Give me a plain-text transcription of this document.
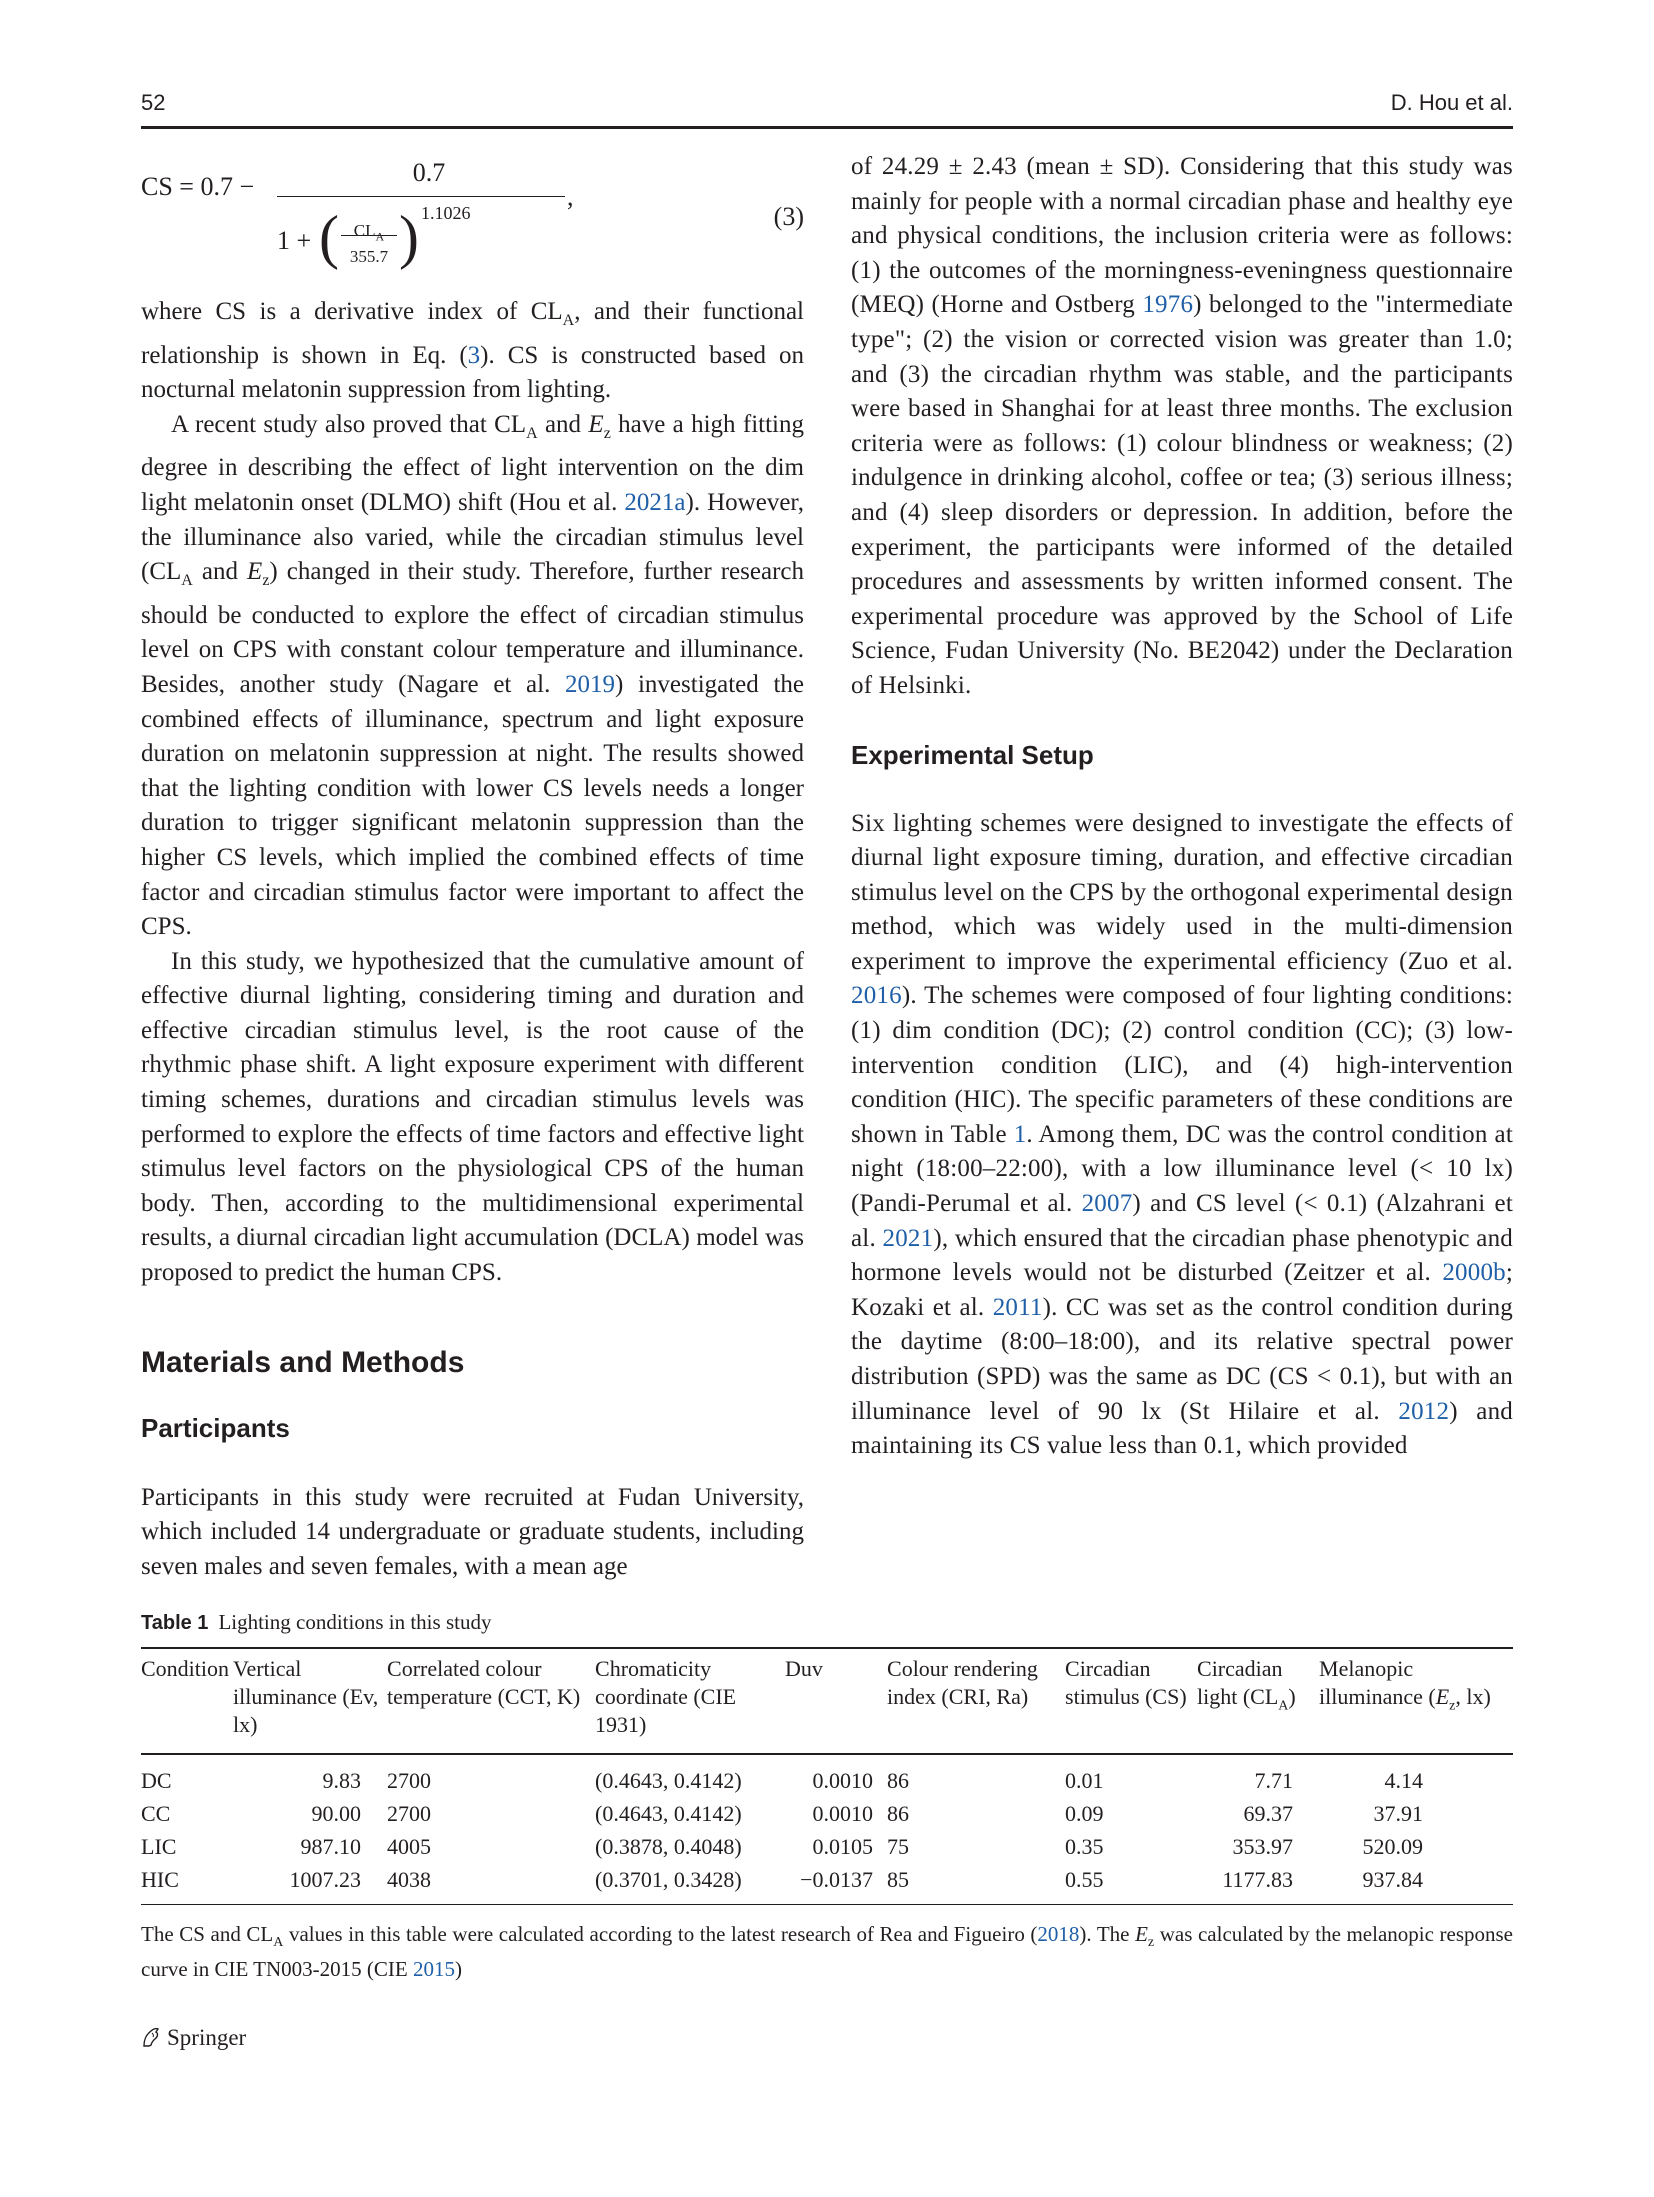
52	D. Hou et al.
CS = 0.7 −	0.7
1 + ( $CL_A$
355.7 ) 1.1026
,
(3)

where CS is a derivative index of $CL_A$, and their functional relationship is shown in Eq. (3). CS is constructed based on nocturnal melatonin suppression from lighting.

A recent study also proved that $CL_A$ and $E_z$ have a high fitting degree in describing the effect of light intervention on the dim light melatonin onset (DLMO) shift (Hou et al. 2021a). However, the illuminance also varied, while the circadian stimulus level ($CL_A$ and $E_z$) changed in their study. Therefore, further research should be conducted to explore the effect of circadian stimulus level on CPS with constant colour temperature and illuminance. Besides, another study (Nagare et al. 2019) investigated the combined effects of illuminance, spectrum and light exposure duration on melatonin suppression at night. The results showed that the lighting condition with lower CS levels needs a longer duration to trigger significant melatonin suppression than the higher CS levels, which implied the combined effects of time factor and circadian stimulus factor were important to affect the CPS.

In this study, we hypothesized that the cumulative amount of effective diurnal lighting, considering timing and duration and effective circadian stimulus level, is the root cause of the rhythmic phase shift. A light exposure experiment with different timing schemes, durations and circadian stimulus levels was performed to explore the effects of time factors and effective light stimulus level factors on the physiological CPS of the human body. Then, according to the multidimensional experimental results, a diurnal circadian light accumulation (DCLA) model was proposed to predict the human CPS.

Materials and Methods
Participants

Participants in this study were recruited at Fudan University, which included 14 undergraduate or graduate students, including seven males and seven females, with a mean age

of 24.29 ± 2.43 (mean ± SD). Considering that this study was mainly for people with a normal circadian phase and healthy eye and physical conditions, the inclusion criteria were as follows: (1) the outcomes of the morningness-eveningness questionnaire (MEQ) (Horne and Ostberg 1976) belonged to the "intermediate type"; (2) the vision or corrected vision was greater than 1.0; and (3) the circadian rhythm was stable, and the participants were based in Shanghai for at least three months. The exclusion criteria were as follows: (1) colour blindness or weakness; (2) indulgence in drinking alcohol, coffee or tea; (3) serious illness; and (4) sleep disorders or depression. In addition, before the experiment, the participants were informed of the detailed procedures and assessments by written informed consent. The experimental procedure was approved by the School of Life Science, Fudan University (No. BE2042) under the Declaration of Helsinki.

Experimental Setup

Six lighting schemes were designed to investigate the effects of diurnal light exposure timing, duration, and effective circadian stimulus level on the CPS by the orthogonal experimental design method, which was widely used in the multi-dimension experiment to improve the experimental efficiency (Zuo et al. 2016). The schemes were composed of four lighting conditions: (1) dim condition (DC); (2) control condition (CC); (3) low-intervention condition (LIC), and (4) high-intervention condition (HIC). The specific parameters of these conditions are shown in Table 1. Among them, DC was the control condition at night (18:00–22:00), with a low illuminance level (< 10 lx) (Pandi-Perumal et al. 2007) and CS level (< 0.1) (Alzahrani et al. 2021), which ensured that the circadian phase phenotypic and hormone levels would not be disturbed (Zeitzer et al. 2000b; Kozaki et al. 2011). CC was set as the control condition during the daytime (8:00–18:00), and its relative spectral power distribution (SPD) was the same as DC (CS < 0.1), but with an illuminance level of 90 lx (St Hilaire et al. 2012) and maintaining its CS value less than 0.1, which provided

Table 1 Lighting conditions in this study
Condition	Vertical illuminance (Ev, lx)	Correlated colour temperature (CCT, K)	Chromaticity coordinate (CIE 1931)	Duv	Colour rendering index (CRI, Ra)	Circadian stimulus (CS)	Circadian light $(CL_A)$	Melanopic illuminance ($E_z$, lx)
DC	9.83	2700	(0.4643, 0.4142)	0.0010	86	0.01	7.71	4.14
CC	90.00	2700	(0.4643, 0.4142)	0.0010	86	0.09	69.37	37.91
LIC	987.10	4005	(0.3878, 0.4048)	0.0105	75	0.35	353.97	520.09
HIC	1007.23	4038	(0.3701, 0.3428)	−0.0137	85	0.55	1177.83	937.84
The CS and $CL_A$ values in this table were calculated according to the latest research of Rea and Figueiro (2018). The $E_z$ was calculated by the melanopic response curve in CIE TN003-2015 (CIE 2015)
Springer
